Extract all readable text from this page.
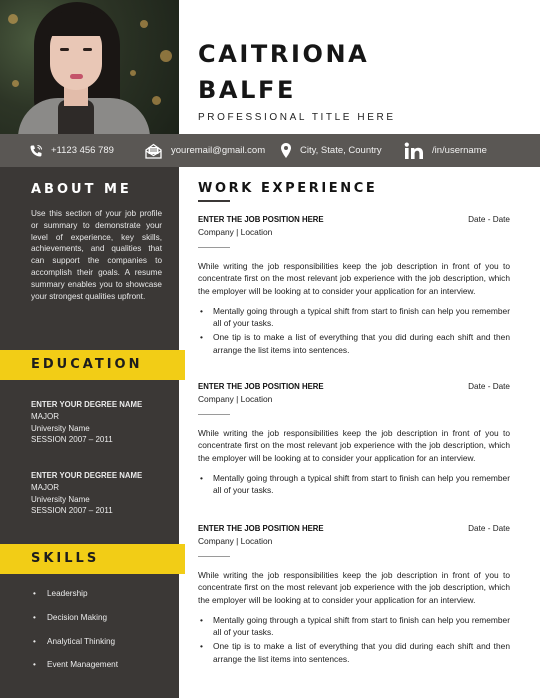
CAITRIONA
BALFE
PROFESSIONAL TITLE HERE
+1123 456 789	youremail@gmail.com	City, State, Country	/in/username
ABOUT ME
Use this section of your job profile or summary to demonstrate your level of experience, key skills, achievements, and qualities that can support the companies to accomplish their goals. A resume summary enables you to showcase your strongest qualities upfront.
EDUCATION
ENTER YOUR DEGREE NAME
MAJOR
University Name
SESSION 2007 – 2011
ENTER YOUR DEGREE NAME
MAJOR
University Name
SESSION 2007 – 2011
SKILLS
• Leadership
• Decision Making
• Analytical Thinking
• Event Management
WORK EXPERIENCE
ENTER THE JOB POSITION HERE	Date - Date
Company | Location
While writing the job responsibilities keep the job description in front of you to concentrate first on the most relevant job experience with the job description, which the employer will be looking at to consider your application for an interview.
• Mentally going through a typical shift from start to finish can help you remember all of your tasks.
• One tip is to make a list of everything that you did during each shift and then arrange the list items into sentences.
ENTER THE JOB POSITION HERE	Date - Date
Company | Location
While writing the job responsibilities keep the job description in front of you to concentrate first on the most relevant job experience with the job description, which the employer will be looking at to consider your application for an interview.
• Mentally going through a typical shift from start to finish can help you remember all of your tasks.
ENTER THE JOB POSITION HERE	Date - Date
Company | Location
While writing the job responsibilities keep the job description in front of you to concentrate first on the most relevant job experience with the job description, which the employer will be looking at to consider your application for an interview.
• Mentally going through a typical shift from start to finish can help you remember all of your tasks.
• One tip is to make a list of everything that you did during each shift and then arrange the list items into sentences.
